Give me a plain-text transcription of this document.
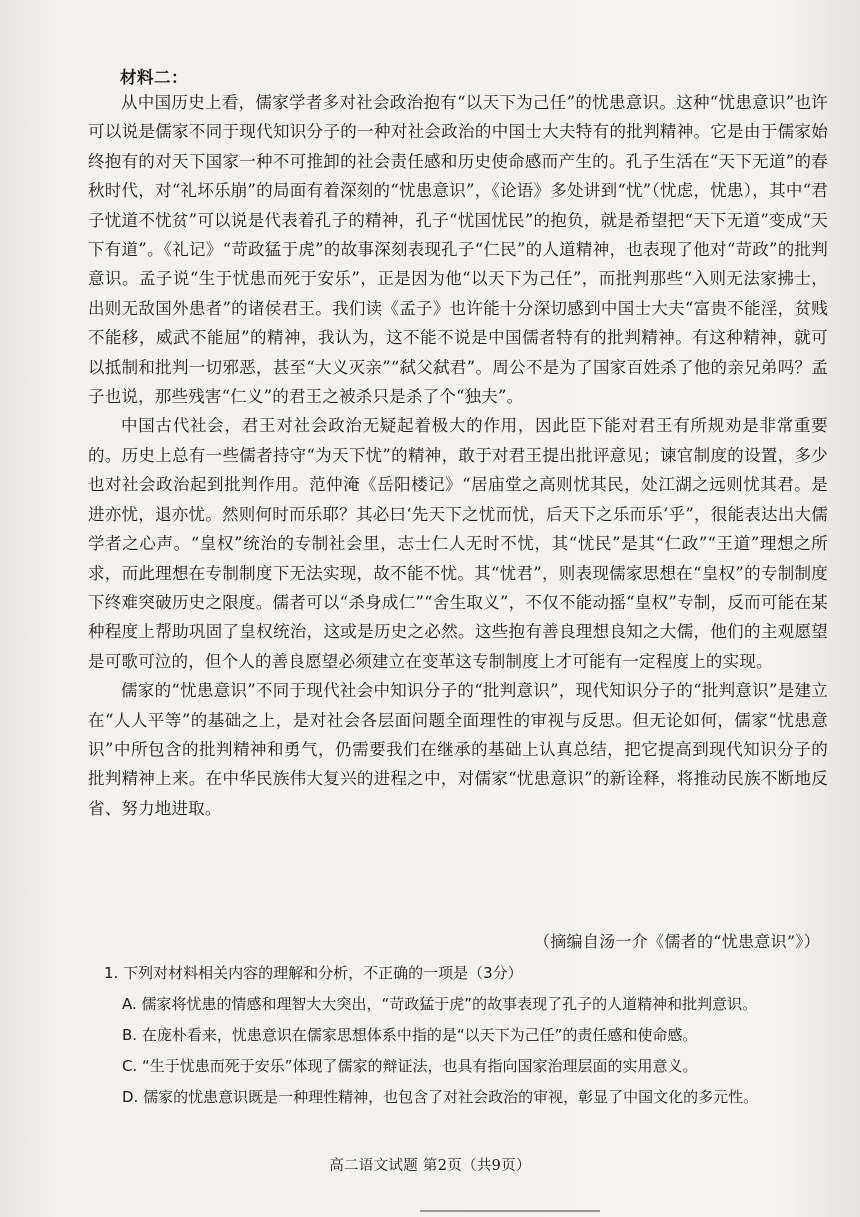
材料二：

从中国历史上看，儒家学者多对社会政治抱有“以天下为己任”的忧患意识。这种“忧患意识”也许可以说是儒家不同于现代知识分子的一种对社会政治的中国士大夫特有的批判精神。它是由于儒家始终抱有的对天下国家一种不可推卸的社会责任感和历史使命感而产生的。孔子生活在“天下无道”的春秋时代，对“礼坏乐崩”的局面有着深刻的“忧患意识”，《论语》多处讲到“忧”（忧虑，忧患），其中“君子忧道不忧贫”可以说是代表着孔子的精神，孔子“忧国忧民”的抱负，就是希望把“天下无道”变成“天下有道”。《礼记》“苛政猛于虎”的故事深刻表现孔子“仁民”的人道精神，也表现了他对“苛政”的批判意识。孟子说“生于忧患而死于安乐”，正是因为他“以天下为己任”，而批判那些“入则无法家拂士，出则无敌国外患者”的诸侯君王。我们读《孟子》也许能十分深切感到中国士大夫“富贵不能淫，贫贱不能移，威武不能屈”的精神，我认为，这不能不说是中国儒者特有的批判精神。有这种精神，就可以抵制和批判一切邪恶，甚至“大义灭亲”“弑父弑君”。周公不是为了国家百姓杀了他的亲兄弟吗？孟子也说，那些残害“仁义”的君王之被杀只是杀了个“独夫”。

中国古代社会，君王对社会政治无疑起着极大的作用，因此臣下能对君王有所规劝是非常重要的。历史上总有一些儒者持守“为天下忧”的精神，敢于对君王提出批评意见；谏官制度的设置，多少也对社会政治起到批判作用。范仲淹《岳阳楼记》“居庙堂之高则忧其民，处江湖之远则忧其君。是进亦忧，退亦忧。然则何时而乐耶？其必曰‘先天下之忧而忧，后天下之乐而乐’乎”，很能表达出大儒学者之心声。“皇权”统治的专制社会里，志士仁人无时不忧，其“忧民”是其“仁政”“王道”理想之所求，而此理想在专制制度下无法实现，故不能不忧。其“忧君”，则表现儒家思想在“皇权”的专制制度下终难突破历史之限度。儒者可以“杀身成仁”“舍生取义”，不仅不能动摇“皇权”专制，反而可能在某种程度上帮助巩固了皇权统治，这或是历史之必然。这些抱有善良理想良知之大儒，他们的主观愿望是可歌可泣的，但个人的善良愿望必须建立在变革这专制制度上才可能有一定程度上的实现。

儒家的“忧患意识”不同于现代社会中知识分子的“批判意识”，现代知识分子的“批判意识”是建立在“人人平等”的基础之上，是对社会各层面问题全面理性的审视与反思。但无论如何，儒家“忧患意识”中所包含的批判精神和勇气，仍需要我们在继承的基础上认真总结，把它提高到现代知识分子的批判精神上来。在中华民族伟大复兴的进程之中，对儒家“忧患意识”的新诠释，将推动民族不断地反省、努力地进取。

（摘编自汤一介《儒者的“忧患意识”》）

1. 下列对材料相关内容的理解和分析，不正确的一项是（3分）

A. 儒家将忧患的情感和理智大大突出，“苛政猛于虎”的故事表现了孔子的人道精神和批判意识。

B. 在庞朴看来，忧患意识在儒家思想体系中指的是“以天下为己任”的责任感和使命感。

C. “生于忧患而死于安乐”体现了儒家的辩证法，也具有指向国家治理层面的实用意义。

D. 儒家的忧患意识既是一种理性精神，也包含了对社会政治的审视，彰显了中国文化的多元性。

高二语文试题 第2页（共9页）
